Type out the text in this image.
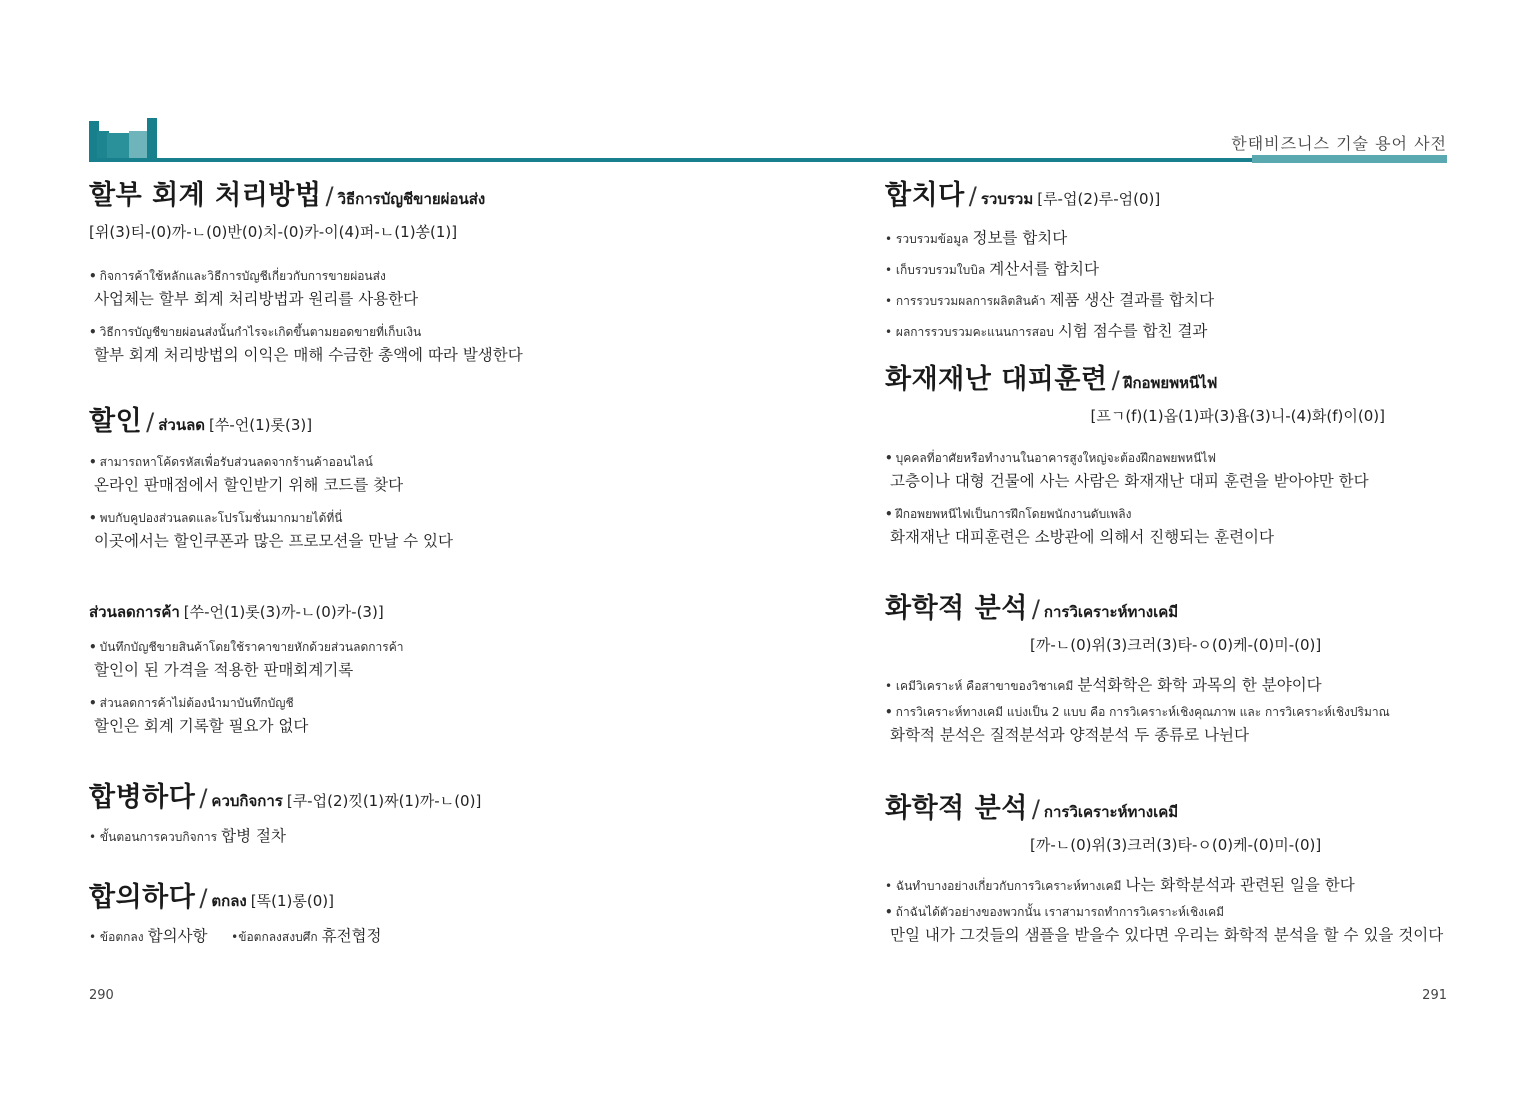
한태비즈니스 기술 용어 사전
할부 회계 처리방법 / วิธีการบัญชีขายผ่อนส่ง
[위(3)티-(0)까-ㄴ(0)반(0)치-(0)카-이(4)퍼-ㄴ(1)쏭(1)]
• กิจการค้าใช้หลักและวิธีการบัญชีเกี่ยวกับการขายผ่อนส่ง
사업체는 할부 회계 처리방법과 원리를 사용한다
• วิธีการบัญชีขายผ่อนส่งนั้นกำไรจะเกิดขึ้นตามยอดขายที่เก็บเงิน
할부 회계 처리방법의 이익은 매해 수금한 총액에 따라 발생한다
할인 / ส่วนลด [쑤-언(1)롯(3)]
• สามารถหาโค้ดรหัสเพื่อรับส่วนลดจากร้านค้าออนไลน์
온라인 판매점에서 할인받기 위해 코드를 찾다
• พบกับคูปองส่วนลดและโปรโมชั่นมากมายได้ที่นี่
이곳에서는 할인쿠폰과 많은 프로모션을 만날 수 있다
ส่วนลดการค้า [쑤-언(1)롯(3)까-ㄴ(0)카-(3)]
• บันทึกบัญชีขายสินค้าโดยใช้ราคาขายหักด้วยส่วนลดการค้า
할인이 된 가격을 적용한 판매회계기록
• ส่วนลดการค้าไม่ต้องนำมาบันทึกบัญชี
할인은 회계 기록할 필요가 없다
합병하다 / ควบกิจการ [쿠-업(2)낏(1)짜(1)까-ㄴ(0)]
• ขั้นตอนการควบกิจการ 합병 절차
합의하다 / ตกลง [똑(1)롱(0)]
• ข้อตกลง 합의사항 •ข้อตกลงสงบศึก 휴전협정
합치다 / รวบรวม [루-업(2)루-엄(0)]
• รวบรวมข้อมูล 정보를 합치다
• เก็บรวบรวมใบบิล 계산서를 합치다
• การรวบรวมผลการผลิตสินค้า 제품 생산 결과를 합치다
• ผลการรวบรวมคะแนนการสอบ 시험 점수를 합친 결과
화재재난 대피훈련 / ฝึกอพยพหนีไฟ
[프ㄱ(f)(1)옵(1)파(3)욥(3)니-(4)화(f)이(0)]
• บุคคลที่อาศัยหรือทำงานในอาคารสูงใหญ่จะต้องฝึกอพยพหนีไฟ
고층이나 대형 건물에 사는 사람은 화재재난 대피 훈련을 받아야만 한다
• ฝึกอพยพหนีไฟเป็นการฝึกโดยพนักงานดับเพลิง
화재재난 대피훈련은 소방관에 의해서 진행되는 훈련이다
화학적 분석 / การวิเคราะห์ทางเคมี
[까-ㄴ(0)위(3)크러(3)타-ㅇ(0)케-(0)미-(0)]
• เคมีวิเคราะห์ คือสาขาของวิชาเคมี 분석화학은 화학 과목의 한 분야이다
• การวิเคราะห์ทางเคมี แบ่งเป็น 2 แบบ คือ การวิเคราะห์เชิงคุณภาพ และ การวิเคราะห์เชิงปริมาณ
화학적 분석은 질적분석과 양적분석 두 종류로 나뉜다
화학적 분석 / การวิเคราะห์ทางเคมี
[까-ㄴ(0)위(3)크러(3)타-ㅇ(0)케-(0)미-(0)]
• ฉันทำบางอย่างเกี่ยวกับการวิเคราะห์ทางเคมี 나는 화학분석과 관련된 일을 한다
• ถ้าฉันได้ตัวอย่างของพวกนั้น เราสามารถทำการวิเคราะห์เชิงเคมี
만일 내가 그것들의 샘플을 받을수 있다면 우리는 화학적 분석을 할 수 있을 것이다
290	291
